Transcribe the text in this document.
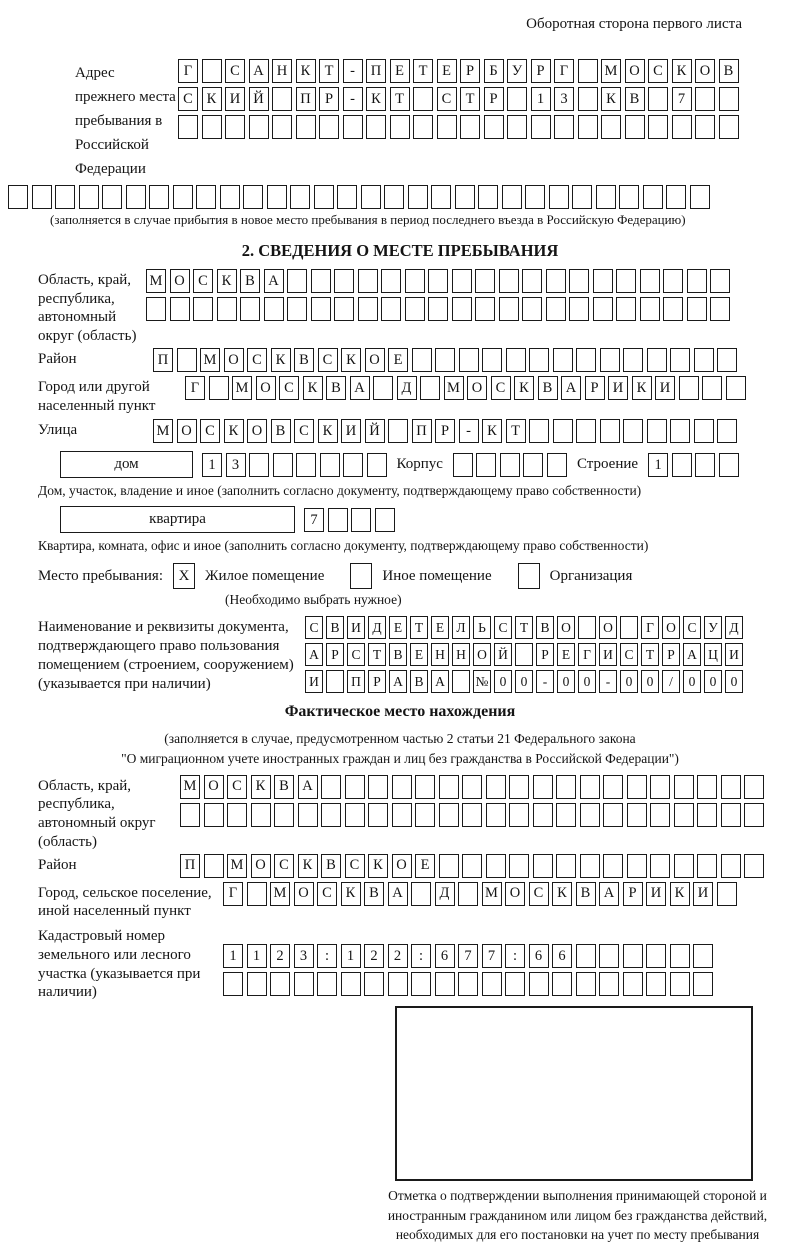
Оборотная сторона первого листа
Адрес прежнего места пребывания в Российской Федерации
Г	С А Н К Т	-	П Е	Т	Е	Р	Б У Р	Г	М О С К О В
С К И Й	П Р	-	К Т	С Т	Р	1	3	К В	7
(заполняется в случае прибытия в новое место пребывания в период последнего въезда в Российскую Федерацию)
2. СВЕДЕНИЯ О МЕСТЕ ПРЕБЫВАНИЯ
Область, край, республика, автономный округ (область)
М О С К В А
Район	П	М О С К В С К О Е
Город или другой населенный пункт
Г	М О С К В А	Д	М О С К В А Р И К И
Улица	М О С К О В С К И Й	П Р	-	К Т
дом	1	3	Корпус	Строение	1
Дом, участок, владение и иное (заполнить согласно документу, подтверждающему право собственности)
квартира	7
Квартира, комната, офис и иное (заполнить согласно документу, подтверждающему право собственности)
Место пребывания:	X	Жилое помещение	Иное помещение	Организация
(Необходимо выбрать нужное)
Наименование и реквизиты документа, подтверждающего право пользования помещением (строением, сооружением) (указывается при наличии)
С В И Д Е Т Е Л Ь С Т В О	О	Г О С У Д
А Р С Т В Е Н Н О Й	Р Е Г И С Т Р А Ц И
И	П Р А В А	№ 0	0	-	0	0	-	0	0	/	0	0	0
Фактическое место нахождения
(заполняется в случае, предусмотренном частью 2 статьи 21 Федерального закона
"О миграционном учете иностранных граждан и лиц без гражданства в Российской Федерации")
Область, край, республика, автономный округ (область)
М О С К В А
Район	П	М О С К В С К О Е
Город, сельское поселение, иной населенный пункт
Г	М О С К В А	Д	М О С К В А Р И К И
Кадастровый номер земельного или лесного участка (указывается при наличии)
1	1	2	3	:	1	2	2	:	6	7	7	:	6	6
Отметка о подтверждении выполнения принимающей стороной и иностранным гражданином или лицом без гражданства действий, необходимых для его постановки на учет по месту пребывания
